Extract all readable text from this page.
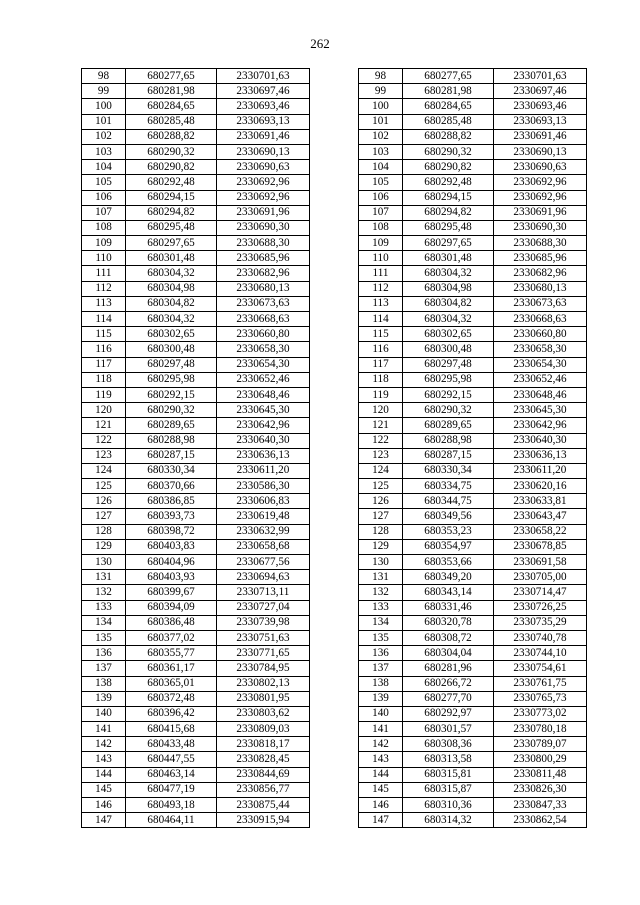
262
98	680277,65	2330701,63
99	680281,98	2330697,46
100	680284,65	2330693,46
101	680285,48	2330693,13
102	680288,82	2330691,46
103	680290,32	2330690,13
104	680290,82	2330690,63
105	680292,48	2330692,96
106	680294,15	2330692,96
107	680294,82	2330691,96
108	680295,48	2330690,30
109	680297,65	2330688,30
110	680301,48	2330685,96
111	680304,32	2330682,96
112	680304,98	2330680,13
113	680304,82	2330673,63
114	680304,32	2330668,63
115	680302,65	2330660,80
116	680300,48	2330658,30
117	680297,48	2330654,30
118	680295,98	2330652,46
119	680292,15	2330648,46
120	680290,32	2330645,30
121	680289,65	2330642,96
122	680288,98	2330640,30
123	680287,15	2330636,13
124	680330,34	2330611,20
125	680370,66	2330586,30
126	680386,85	2330606,83
127	680393,73	2330619,48
128	680398,72	2330632,99
129	680403,83	2330658,68
130	680404,96	2330677,56
131	680403,93	2330694,63
132	680399,67	2330713,11
133	680394,09	2330727,04
134	680386,48	2330739,98
135	680377,02	2330751,63
136	680355,77	2330771,65
137	680361,17	2330784,95
138	680365,01	2330802,13
139	680372,48	2330801,95
140	680396,42	2330803,62
141	680415,68	2330809,03
142	680433,48	2330818,17
143	680447,55	2330828,45
144	680463,14	2330844,69
145	680477,19	2330856,77
146	680493,18	2330875,44
147	680464,11	2330915,94
98	680277,65	2330701,63
99	680281,98	2330697,46
100	680284,65	2330693,46
101	680285,48	2330693,13
102	680288,82	2330691,46
103	680290,32	2330690,13
104	680290,82	2330690,63
105	680292,48	2330692,96
106	680294,15	2330692,96
107	680294,82	2330691,96
108	680295,48	2330690,30
109	680297,65	2330688,30
110	680301,48	2330685,96
111	680304,32	2330682,96
112	680304,98	2330680,13
113	680304,82	2330673,63
114	680304,32	2330668,63
115	680302,65	2330660,80
116	680300,48	2330658,30
117	680297,48	2330654,30
118	680295,98	2330652,46
119	680292,15	2330648,46
120	680290,32	2330645,30
121	680289,65	2330642,96
122	680288,98	2330640,30
123	680287,15	2330636,13
124	680330,34	2330611,20
125	680334,75	2330620,16
126	680344,75	2330633,81
127	680349,56	2330643,47
128	680353,23	2330658,22
129	680354,97	2330678,85
130	680353,66	2330691,58
131	680349,20	2330705,00
132	680343,14	2330714,47
133	680331,46	2330726,25
134	680320,78	2330735,29
135	680308,72	2330740,78
136	680304,04	2330744,10
137	680281,96	2330754,61
138	680266,72	2330761,75
139	680277,70	2330765,73
140	680292,97	2330773,02
141	680301,57	2330780,18
142	680308,36	2330789,07
143	680313,58	2330800,29
144	680315,81	2330811,48
145	680315,87	2330826,30
146	680310,36	2330847,33
147	680314,32	2330862,54
